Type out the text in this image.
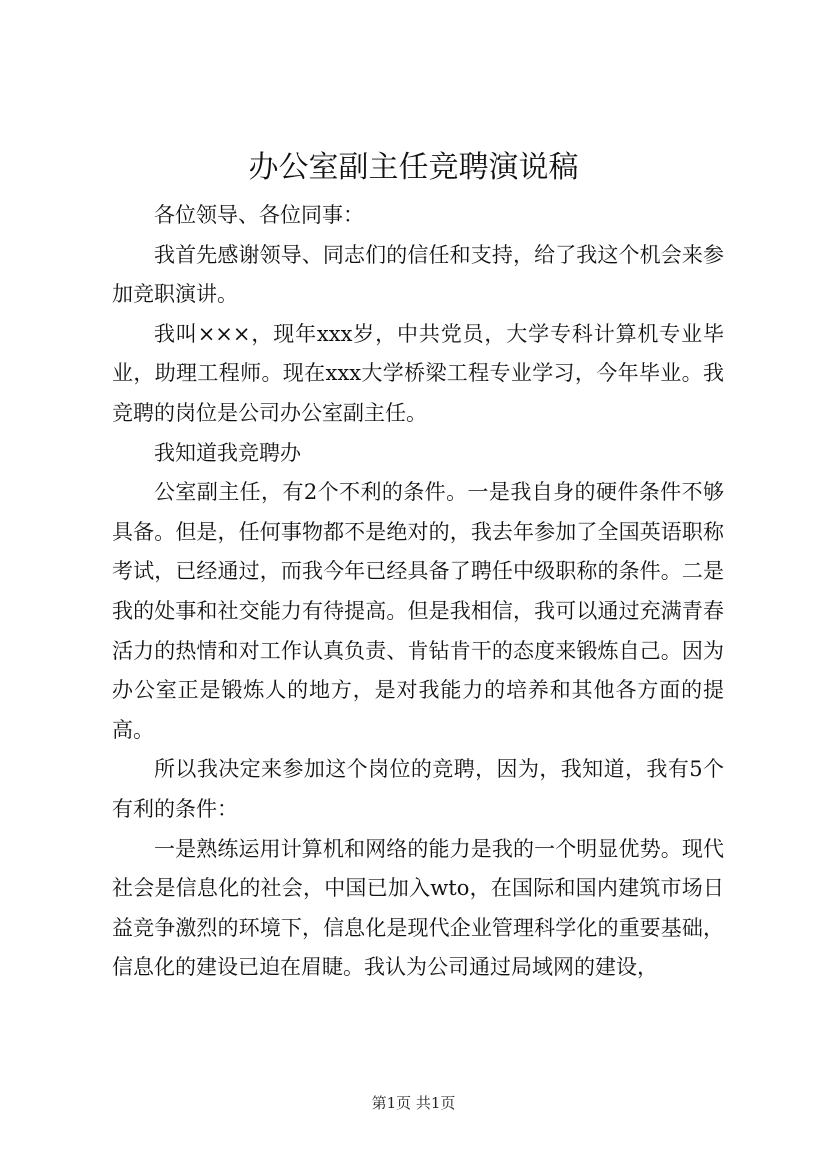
办公室副主任竞聘演说稿

各位领导、各位同事：

我首先感谢领导、同志们的信任和支持，给了我这个机会来参加竞职演讲。

我叫×××，现年xxx岁，中共党员，大学专科计算机专业毕业，助理工程师。现在xxx大学桥梁工程专业学习，今年毕业。我竞聘的岗位是公司办公室副主任。

我知道我竞聘办

公室副主任，有2个不利的条件。一是我自身的硬件条件不够具备。但是，任何事物都不是绝对的，我去年参加了全国英语职称考试，已经通过，而我今年已经具备了聘任中级职称的条件。二是我的处事和社交能力有待提高。但是我相信，我可以通过充满青春活力的热情和对工作认真负责、肯钻肯干的态度来锻炼自己。因为办公室正是锻炼人的地方，是对我能力的培养和其他各方面的提高。

所以我决定来参加这个岗位的竞聘，因为，我知道，我有5个有利的条件：

一是熟练运用计算机和网络的能力是我的一个明显优势。现代社会是信息化的社会，中国已加入wto，在国际和国内建筑市场日益竞争激烈的环境下，信息化是现代企业管理科学化的重要基础，信息化的建设已迫在眉睫。我认为公司通过局域网的建设，

第1页 共1页
